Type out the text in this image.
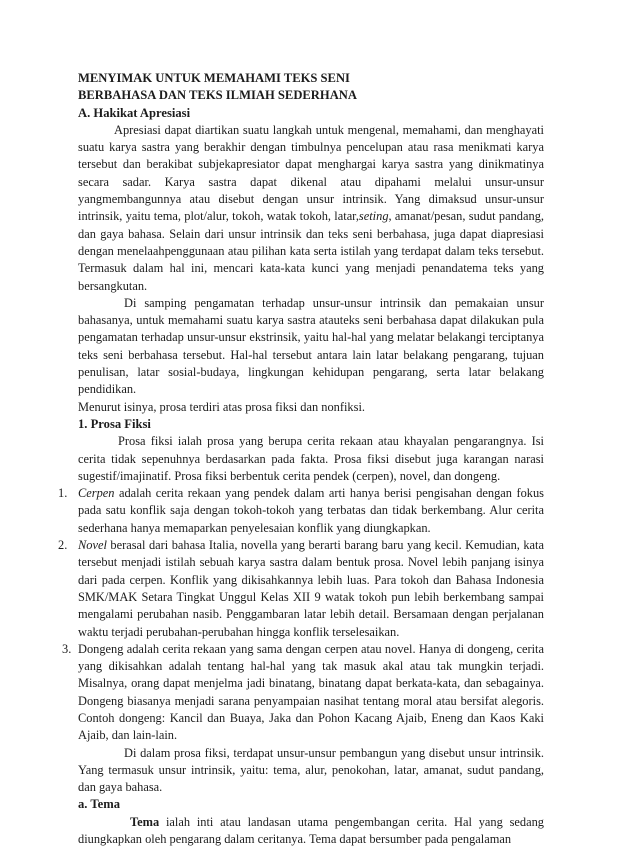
MENYIMAK UNTUK MEMAHAMI TEKS SENI
BERBAHASA DAN TEKS ILMIAH SEDERHANA
A. Hakikat Apresiasi

Apresiasi dapat diartikan suatu langkah untuk mengenal, memahami, dan menghayati suatu karya sastra yang berakhir dengan timbulnya pencelupan atau rasa menikmati karya tersebut dan berakibat subjekapresiator dapat menghargai karya sastra yang dinikmatinya secara sadar. Karya sastra dapat dikenal atau dipahami melalui unsur-unsur yangmembangunnya atau disebut dengan unsur intrinsik. Yang dimaksud unsur-unsur intrinsik, yaitu tema, plot/alur, tokoh, watak tokoh, latar,seting, amanat/pesan, sudut pandang, dan gaya bahasa. Selain dari unsur intrinsik dan teks seni berbahasa, juga dapat diapresiasi dengan menelaahpenggunaan atau pilihan kata serta istilah yang terdapat dalam teks tersebut. Termasuk dalam hal ini, mencari kata-kata kunci yang menjadi penandatema teks yang bersangkutan.

Di samping pengamatan terhadap unsur-unsur intrinsik dan pemakaian unsur bahasanya, untuk memahami suatu karya sastra atauteks seni berbahasa dapat dilakukan pula pengamatan terhadap unsur-unsur ekstrinsik, yaitu hal-hal yang melatar belakangi terciptanya teks seni berbahasa tersebut. Hal-hal tersebut antara lain latar belakang pengarang, tujuan penulisan, latar sosial-budaya, lingkungan kehidupan pengarang, serta latar belakang pendidikan.

Menurut isinya, prosa terdiri atas prosa fiksi dan nonfiksi.

1. Prosa Fiksi

Prosa fiksi ialah prosa yang berupa cerita rekaan atau khayalan pengarangnya. Isi cerita tidak sepenuhnya berdasarkan pada fakta. Prosa fiksi disebut juga karangan narasi sugestif/imajinatif. Prosa fiksi berbentuk cerita pendek (cerpen), novel, dan dongeng.

1. Cerpen adalah cerita rekaan yang pendek dalam arti hanya berisi pengisahan dengan fokus pada satu konflik saja dengan tokoh-tokoh yang terbatas dan tidak berkembang. Alur cerita sederhana hanya memaparkan penyelesaian konflik yang diungkapkan.

2. Novel berasal dari bahasa Italia, novella yang berarti barang baru yang kecil. Kemudian, kata tersebut menjadi istilah sebuah karya sastra dalam bentuk prosa. Novel lebih panjang isinya dari pada cerpen. Konflik yang dikisahkannya lebih luas. Para tokoh dan Bahasa Indonesia SMK/MAK Setara Tingkat Unggul Kelas XII 9 watak tokoh pun lebih berkembang sampai mengalami perubahan nasib. Penggambaran latar lebih detail. Bersamaan dengan perjalanan waktu terjadi perubahan-perubahan hingga konflik terselesaikan.

3. Dongeng adalah cerita rekaan yang sama dengan cerpen atau novel. Hanya di dongeng, cerita yang dikisahkan adalah tentang hal-hal yang tak masuk akal atau tak mungkin terjadi. Misalnya, orang dapat menjelma jadi binatang, binatang dapat berkata-kata, dan sebagainya. Dongeng biasanya menjadi sarana penyampaian nasihat tentang moral atau bersifat alegoris. Contoh dongeng: Kancil dan Buaya, Jaka dan Pohon Kacang Ajaib, Eneng dan Kaos Kaki Ajaib, dan lain-lain.

Di dalam prosa fiksi, terdapat unsur-unsur pembangun yang disebut unsur intrinsik. Yang termasuk unsur intrinsik, yaitu: tema, alur, penokohan, latar, amanat, sudut pandang, dan gaya bahasa.

a. Tema

Tema ialah inti atau landasan utama pengembangan cerita. Hal yang sedang diungkapkan oleh pengarang dalam ceritanya. Tema dapat bersumber pada pengalaman
